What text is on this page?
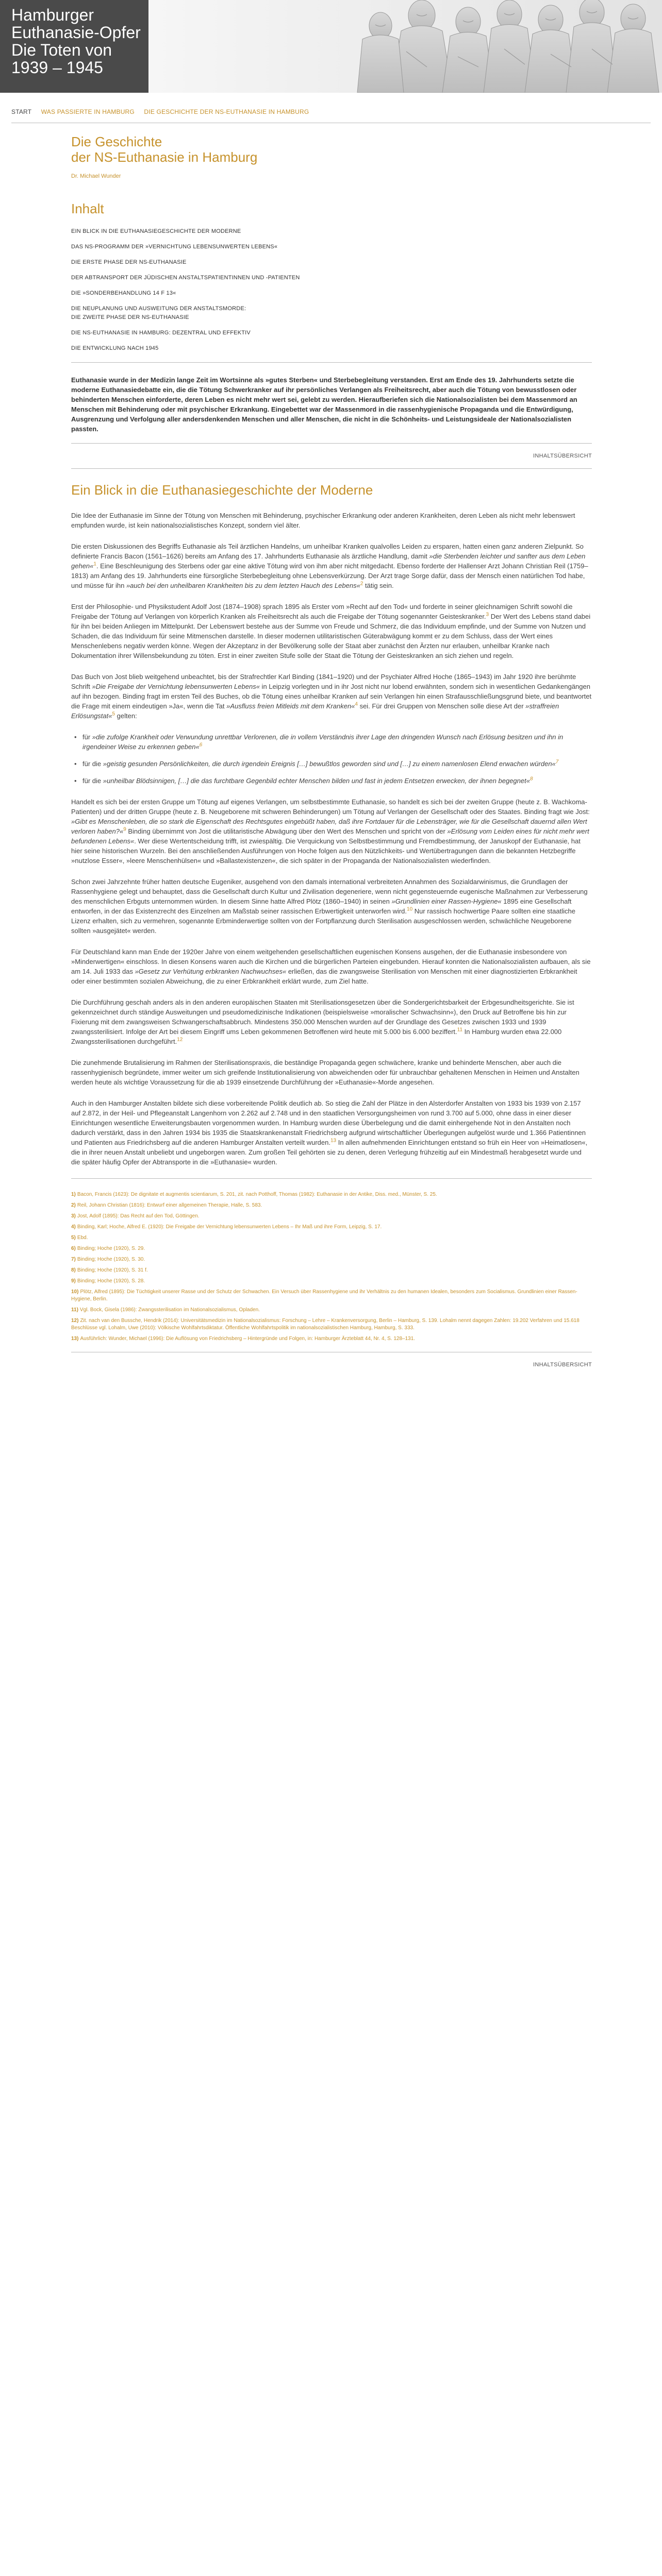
Hamburger
Euthanasie-Opfer
Die Toten von
1939 – 1945
START WAS PASSIERTE IN HAMBURG DIE GESCHICHTE DER NS-EUTHANASIE IN HAMBURG
Die Geschichte
der NS-Euthanasie in Hamburg
Dr. Michael Wunder
Inhalt
EIN BLICK IN DIE EUTHANASIEGESCHICHTE DER MODERNE
DAS NS-PROGRAMM DER »VERNICHTUNG LEBENSUNWERTEN LEBENS«
DIE ERSTE PHASE DER NS-EUTHANASIE
DER ABTRANSPORT DER JÜDISCHEN ANSTALTSPATIENTINNEN UND -PATIENTEN
DIE »SONDERBEHANDLUNG 14 F 13«
DIE NEUPLANUNG UND AUSWEITUNG DER ANSTALTSMORDE:
DIE ZWEITE PHASE DER NS-EUTHANASIE
DIE NS-EUTHANASIE IN HAMBURG: DEZENTRAL UND EFFEKTIV
DIE ENTWICKLUNG NACH 1945

Euthanasie wurde in der Medizin lange Zeit im Wortsinne als »gutes Sterben« und Sterbebegleitung verstanden. Erst am Ende des 19. Jahrhunderts setzte die moderne Euthanasiedebatte ein, die die Tötung Schwerkranker auf ihr persönliches Verlangen als Freiheitsrecht, aber auch die Tötung von bewusstlosen oder behinderten Menschen einforderte, deren Leben es nicht mehr wert sei, gelebt zu werden. Hieraufberiefen sich die Nationalsozialisten bei dem Massenmord an Menschen mit Behinderung oder mit psychischer Erkrankung. Eingebettet war der Massenmord in die rassenhygienische Propaganda und die Entwürdigung, Ausgrenzung und Verfolgung aller andersdenkenden Menschen und aller Menschen, die nicht in die Schönheits- und Leistungsideale der Nationalsozialisten passten.

INHALTSÜBERSICHT
Ein Blick in die Euthanasiegeschichte der Moderne

Die Idee der Euthanasie im Sinne der Tötung von Menschen mit Behinderung, psychischer Erkrankung oder anderen Krankheiten, deren Leben als nicht mehr lebenswert empfunden wurde, ist kein nationalsozialistisches Konzept, sondern viel älter.

Die ersten Diskussionen des Begriffs Euthanasie als Teil ärztlichen Handelns, um unheilbar Kranken qualvolles Leiden zu ersparen, hatten einen ganz anderen Zielpunkt. So definierte Francis Bacon (1561–1626) bereits am Anfang des 17. Jahrhunderts Euthanasie als ärztliche Handlung, damit »die Sterbenden leichter und sanfter aus dem Leben gehen«$^1$. Eine Beschleunigung des Sterbens oder gar eine aktive Tötung wird von ihm aber nicht mitgedacht. Ebenso forderte der Hallenser Arzt Johann Christian Reil (1759–1813) am Anfang des 19. Jahrhunderts eine fürsorgliche Sterbebegleitung ohne Lebensverkürzung. Der Arzt trage Sorge dafür, dass der Mensch einen natürlichen Tod habe, und müsse für ihn »auch bei den unheilbaren Krankheiten bis zu dem letzten Hauch des Lebens«$^2$ tätig sein.

Erst der Philosophie- und Physikstudent Adolf Jost (1874–1908) sprach 1895 als Erster vom »Recht auf den Tod« und forderte in seiner gleichnamigen Schrift sowohl die Freigabe der Tötung auf Verlangen von körperlich Kranken als Freiheitsrecht als auch die Freigabe der Tötung sogenannter Geisteskranker.$^3$ Der Wert des Lebens stand dabei für ihn bei beiden Anliegen im Mittelpunkt. Der Lebenswert bestehe aus der Summe von Freude und Schmerz, die das Individuum empfinde, und der Summe von Nutzen und Schaden, die das Individuum für seine Mitmenschen darstelle. In dieser modernen utilitaristischen Güterabwägung kommt er zu dem Schluss, dass der Wert eines Menschenlebens negativ werden könne. Wegen der Akzeptanz in der Bevölkerung solle der Staat aber zunächst den Ärzten nur erlauben, unheilbar Kranke nach Dokumentation ihrer Willensbekundung zu töten. Erst in einer zweiten Stufe solle der Staat die Tötung der Geisteskranken an sich ziehen und regeln.

Das Buch von Jost blieb weitgehend unbeachtet, bis der Strafrechtler Karl Binding (1841–1920) und der Psychiater Alfred Hoche (1865–1943) im Jahr 1920 ihre berühmte Schrift »Die Freigabe der Vernichtung lebensunwerten Lebens« in Leipzig vorlegten und in ihr Jost nicht nur lobend erwähnten, sondern sich in wesentlichen Gedankengängen auf ihn bezogen. Binding fragt im ersten Teil des Buches, ob die Tötung eines unheilbar Kranken auf sein Verlangen hin einen Strafausschließungsgrund biete, und beantwortet die Frage mit einem eindeutigen »Ja«, wenn die Tat »Ausfluss freien Mitleids mit dem Kranken«$^4$ sei. Für drei Gruppen von Menschen solle diese Art der »straffreien Erlösungstat«$^5$ gelten:

• für »die zufolge Krankheit oder Verwundung unrettbar Verlorenen, die in vollem Verständnis ihrer Lage den dringenden Wunsch nach Erlösung besitzen und ihn in irgendeiner Weise zu erkennen geben«$^6$
• für die »geistig gesunden Persönlichkeiten, die durch irgendein Ereignis […] bewußtlos geworden sind und […] zu einem namenlosen Elend erwachen würden«$^7$
• für die »unheilbar Blödsinnigen, […] die das furchtbare Gegenbild echter Menschen bilden und fast in jedem Entsetzen erwecken, der ihnen begegnet«$^8$

Handelt es sich bei der ersten Gruppe um Tötung auf eigenes Verlangen, um selbstbestimmte Euthanasie, so handelt es sich bei der zweiten Gruppe (heute z. B. Wachkoma-Patienten) und der dritten Gruppe (heute z. B. Neugeborene mit schweren Behinderungen) um Tötung auf Verlangen der Gesellschaft oder des Staates. Binding fragt wie Jost: »Gibt es Menschenleben, die so stark die Eigenschaft des Rechtsgutes eingebüßt haben, daß ihre Fortdauer für die Lebensträger, wie für die Gesellschaft dauernd allen Wert verloren haben?«$^9$ Binding übernimmt von Jost die utilitaristische Abwägung über den Wert des Menschen und spricht von der »Erlösung vom Leiden eines für nicht mehr wert befundenen Lebens«. Wer diese Wertentscheidung trifft, ist zwiespältig. Die Verquickung von Selbstbestimmung und Fremdbestimmung, der Januskopf der Euthanasie, hat hier seine historischen Wurzeln. Bei den anschließenden Ausführungen von Hoche folgen aus den Nützlichkeits- und Wertübertragungen dann die bekannten Hetzbegriffe »nutzlose Esser«, »leere Menschenhülsen« und »Ballastexistenzen«, die sich später in der Propaganda der Nationalsozialisten wiederfinden.

Schon zwei Jahrzehnte früher hatten deutsche Eugeniker, ausgehend von den damals international verbreiteten Annahmen des Sozialdarwinismus, die Grundlagen der Rassenhygiene gelegt und behauptet, dass die Gesellschaft durch Kultur und Zivilisation degeneriere, wenn nicht gegensteuernde eugenische Maßnahmen zur Verbesserung des menschlichen Erbguts unternommen würden. In diesem Sinne hatte Alfred Plötz (1860–1940) in seinen »Grundlinien einer Rassen-Hygiene« 1895 eine Gesellschaft entworfen, in der das Existenzrecht des Einzelnen am Maßstab seiner rassischen Erbwertigkeit unterworfen wird.$^{10}$ Nur rassisch hochwertige Paare sollten eine staatliche Lizenz erhalten, sich zu vermehren, sogenannte Erbminderwertige sollten von der Fortpflanzung durch Sterilisation ausgeschlossen werden, schwächliche Neugeborene sollten »ausgejätet« werden.

Für Deutschland kann man Ende der 1920er Jahre von einem weitgehenden gesellschaftlichen eugenischen Konsens ausgehen, der die Euthanasie insbesondere von »Minderwertigen« einschloss. In diesen Konsens waren auch die Kirchen und die bürgerlichen Parteien eingebunden. Hierauf konnten die Nationalsozialisten aufbauen, als sie am 14. Juli 1933 das »Gesetz zur Verhütung erbkranken Nachwuchses« erließen, das die zwangsweise Sterilisation von Menschen mit einer diagnostizierten Erbkrankheit oder einer bestimmten sozialen Abweichung, die zu einer Erbkrankheit erklärt wurde, zum Ziel hatte.

Die Durchführung geschah anders als in den anderen europäischen Staaten mit Sterilisationsgesetzen über die Sondergerichtsbarkeit der Erbgesundheitsgerichte. Sie ist gekennzeichnet durch ständige Ausweitungen und pseudomedizinische Indikationen (beispielsweise »moralischer Schwachsinn«), den Druck auf Betroffene bis hin zur Fixierung mit dem zwangsweisen Schwangerschaftsabbruch. Mindestens 350.000 Menschen wurden auf der Grundlage des Gesetzes zwischen 1933 und 1939 zwangssterilisiert. Infolge der Art bei diesem Eingriff ums Leben gekommenen Betroffenen wird heute mit 5.000 bis 6.000 beziffert.$^{11}$ In Hamburg wurden etwa 22.000 Zwangssterilisationen durchgeführt.$^{12}$

Die zunehmende Brutalisierung im Rahmen der Sterilisationspraxis, die beständige Propaganda gegen schwächere, kranke und behinderte Menschen, aber auch die rassenhygienisch begründete, immer weiter um sich greifende Institutionalisierung von abweichenden oder für unbrauchbar gehaltenen Menschen in Heimen und Anstalten werden heute als wichtige Voraussetzung für die ab 1939 einsetzende Durchführung der »Euthanasie«-Morde angesehen.

Auch in den Hamburger Anstalten bildete sich diese vorbereitende Politik deutlich ab. So stieg die Zahl der Plätze in den Alsterdorfer Anstalten von 1933 bis 1939 von 2.157 auf 2.872, in der Heil- und Pflegeanstalt Langenhorn von 2.262 auf 2.748 und in den staatlichen Versorgungsheimen von rund 3.700 auf 5.000, ohne dass in einer dieser Einrichtungen wesentliche Erweiterungsbauten vorgenommen wurden. In Hamburg wurden diese Überbelegung und die damit einhergehende Not in den Anstalten noch dadurch verstärkt, dass in den Jahren 1934 bis 1935 die Staatskrankenanstalt Friedrichsberg aufgrund wirtschaftlicher Überlegungen aufgelöst wurde und 1.366 Patientinnen und Patienten aus Friedrichsberg auf die anderen Hamburger Anstalten verteilt wurden.$^{13}$ In allen aufnehmenden Einrichtungen entstand so früh ein Heer von »Heimatlosen«, die in ihrer neuen Anstalt unbeliebt und ungeborgen waren. Zum großen Teil gehörten sie zu denen, deren Verlegung frühzeitig auf ein Mindestmaß herabgesetzt wurde und die später häufig Opfer der Abtransporte in die »Euthanasie« wurden.

1) Bacon, Francis (1623): De dignitate et augmentis scientiarum, S. 201, zit. nach Potthoff, Thomas (1982): Euthanasie in der Antike, Diss. med., Münster, S. 25.
2) Reil, Johann Christian (1816): Entwurf einer allgemeinen Therapie, Halle, S. 583.
3) Jost, Adolf (1895): Das Recht auf den Tod, Göttingen.
4) Binding, Karl; Hoche, Alfred E. (1920): Die Freigabe der Vernichtung lebensunwerten Lebens – Ihr Maß und ihre Form, Leipzig, S. 17.
5) Ebd.
6) Binding; Hoche (1920), S. 29.
7) Binding; Hoche (1920), S. 30.
8) Binding; Hoche (1920), S. 31 f.
9) Binding; Hoche (1920), S. 28.
10) Plötz, Alfred (1895): Die Tüchtigkeit unserer Rasse und der Schutz der Schwachen. Ein Versuch über Rassenhygiene und ihr Verhältnis zu den humanen Idealen, besonders zum Socialismus. Grundlinien einer Rassen-Hygiene, Berlin.
11) Vgl. Bock, Gisela (1986): Zwangssterilisation im Nationalsozialismus, Opladen.
12) Zit. nach van den Bussche, Hendrik (2014): Universitätsmedizin im Nationalsozialismus: Forschung – Lehre – Krankenversorgung, Berlin – Hamburg, S. 139. Lohalm nennt dagegen Zahlen: 19.202 Verfahren und 15.618 Beschlüsse vgl. Lohalm, Uwe (2010): Völkische Wohlfahrtsdiktatur. Öffentliche Wohlfahrtspolitik im nationalsozialistischen Hamburg, Hamburg, S. 333.
13) Ausführlich: Wunder, Michael (1996): Die Auflösung von Friedrichsberg – Hintergründe und Folgen, in: Hamburger Ärzteblatt 44, Nr. 4, S. 128–131.
INHALTSÜBERSICHT
